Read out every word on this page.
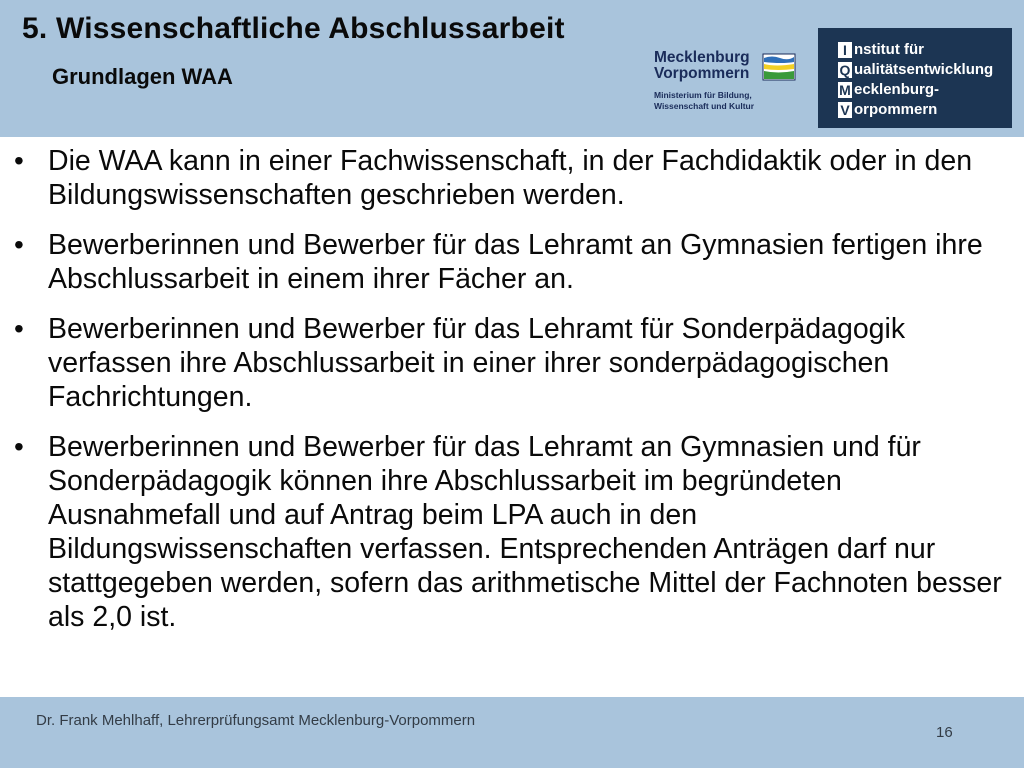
5. Wissenschaftliche Abschlussarbeit
Grundlagen WAA
Mecklenburg
Vorpommern
Ministerium für Bildung,
Wissenschaft und Kultur
I nstitut für
Q ualitätsentwicklung
M ecklenburg-
V orpommern
• Die WAA kann in einer Fachwissenschaft, in der Fachdidaktik oder in den Bildungswissenschaften geschrieben werden.
• Bewerberinnen und Bewerber für das Lehramt an Gymnasien fertigen ihre Abschlussarbeit in einem ihrer Fächer an.
• Bewerberinnen und Bewerber für das Lehramt für Sonderpädagogik verfassen ihre Abschlussarbeit in einer ihrer sonderpädagogischen Fachrichtungen.
• Bewerberinnen und Bewerber für das Lehramt an Gymnasien und für Sonderpädagogik können ihre Abschlussarbeit im begründeten Ausnahmefall und auf Antrag beim LPA auch in den Bildungswissenschaften verfassen. Entsprechenden Anträgen darf nur stattgegeben werden, sofern das arithmetische Mittel der Fachnoten besser als 2,0 ist.
Dr. Frank Mehlhaff, Lehrerprüfungsamt Mecklenburg-Vorpommern
16
